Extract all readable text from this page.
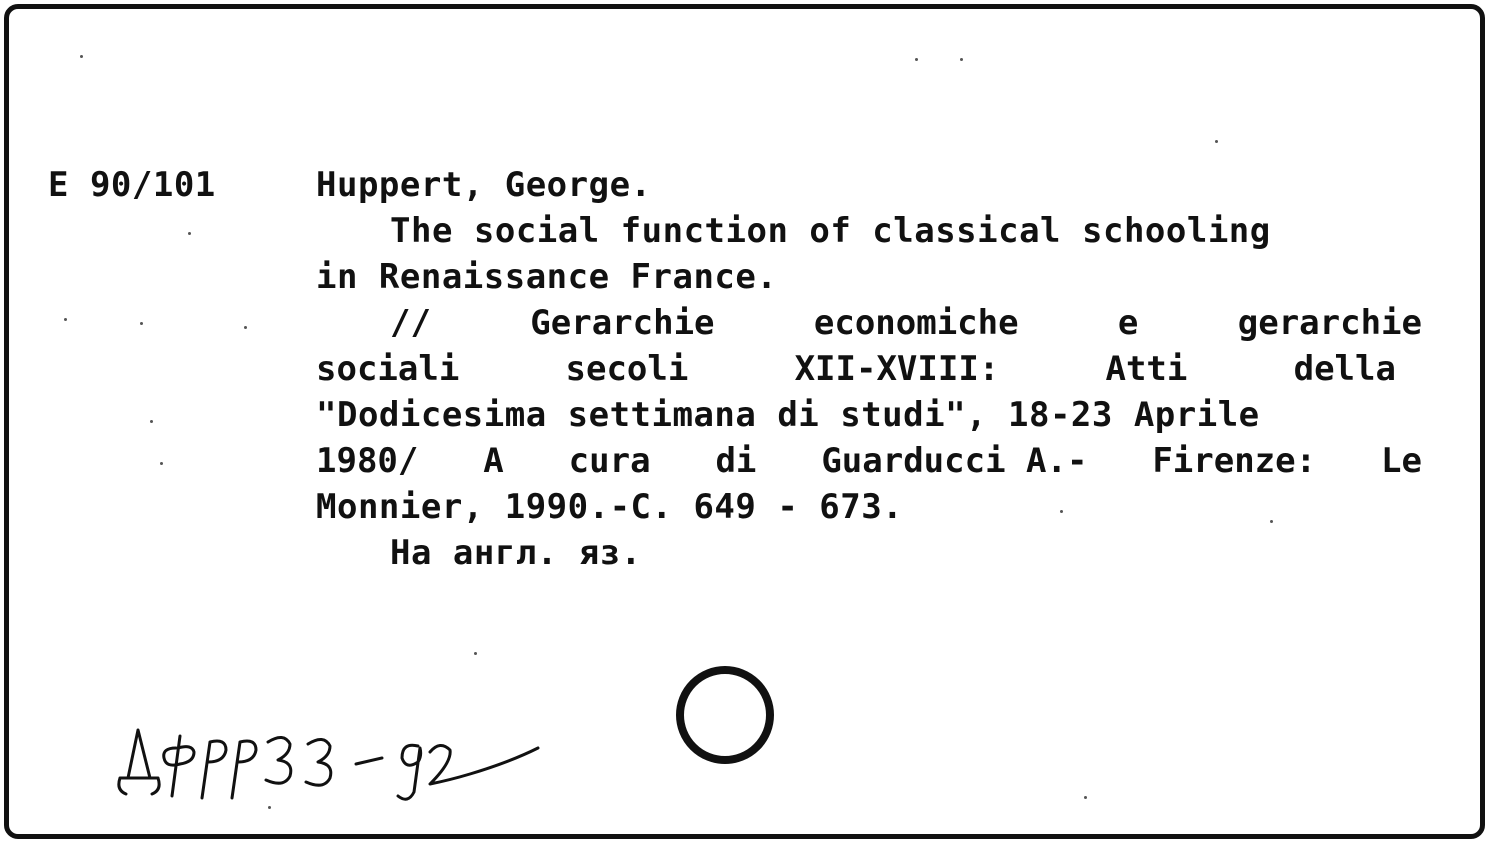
E 90/101	Huppert, George.
The social function of classical schooling
in Renaissance France.
//	Gerarchie	economiche	e	gerarchie
sociali	secoli	XII-XVIII:	Atti	della
"Dodicesima settimana di studi", 18-23 Aprile
1980/ A cura di Guarducci A.- Firenze: Le
Monnier, 1990.-C. 649 - 673.
На англ. яз.
